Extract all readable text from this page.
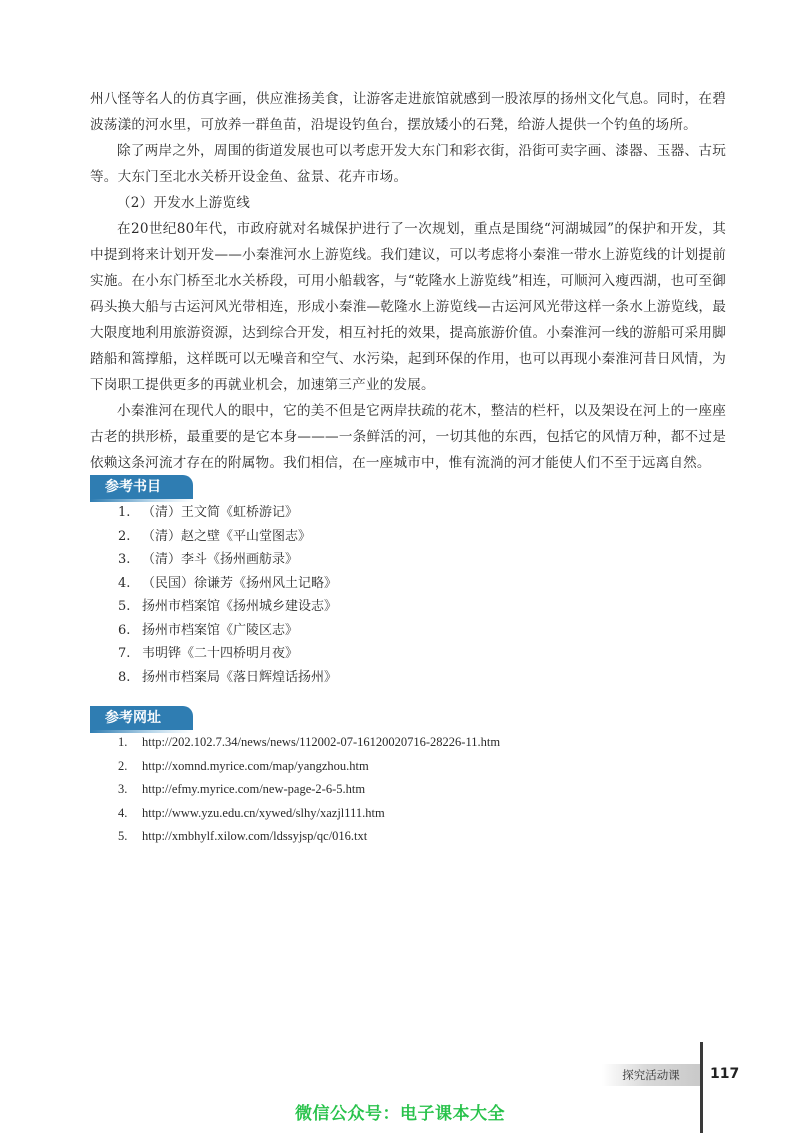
州八怪等名人的仿真字画，供应淮扬美食，让游客走进旅馆就感到一股浓厚的扬州文化气息。同时，在碧波荡漾的河水里，可放养一群鱼苗，沿堤设钓鱼台，摆放矮小的石凳，给游人提供一个钓鱼的场所。

除了两岸之外，周围的街道发展也可以考虑开发大东门和彩衣街，沿街可卖字画、漆器、玉器、古玩等。大东门至北水关桥开设金鱼、盆景、花卉市场。

（2）开发水上游览线

在20世纪80年代，市政府就对名城保护进行了一次规划，重点是围绕“河湖城园”的保护和开发，其中提到将来计划开发——小秦淮河水上游览线。我们建议，可以考虑将小秦淮一带水上游览线的计划提前实施。在小东门桥至北水关桥段，可用小船载客，与“乾隆水上游览线”相连，可顺河入瘦西湖，也可至御码头换大船与古运河风光带相连，形成小秦淮—乾隆水上游览线—古运河风光带这样一条水上游览线，最大限度地利用旅游资源，达到综合开发，相互衬托的效果，提高旅游价值。小秦淮河一线的游船可采用脚踏船和篙撑船，这样既可以无噪音和空气、水污染，起到环保的作用，也可以再现小秦淮河昔日风情，为下岗职工提供更多的再就业机会，加速第三产业的发展。

小秦淮河在现代人的眼中，它的美不但是它两岸扶疏的花木，整洁的栏杆，以及架设在河上的一座座古老的拱形桥，最重要的是它本身———一条鲜活的河，一切其他的东西，包括它的风情万种，都不过是依赖这条河流才存在的附属物。我们相信，在一座城市中，惟有流淌的河才能使人们不至于远离自然。

参考书目
1. （清）王文简《虹桥游记》
2. （清）赵之壁《平山堂图志》
3. （清）李斗《扬州画舫录》
4. （民国）徐谦芳《扬州风土记略》
5. 扬州市档案馆《扬州城乡建设志》
6. 扬州市档案馆《广陵区志》
7. 韦明铧《二十四桥明月夜》
8. 扬州市档案局《落日辉煌话扬州》
参考网址
1. http://202.102.7.34/news/news/112002-07-16120020716-28226-11.htm
2. http://xomnd.myrice.com/map/yangzhou.htm
3. http://efmy.myrice.com/new-page-2-6-5.htm
4. http://www.yzu.edu.cn/xywed/slhy/xazjl111.htm
5. http://xmbhylf.xilow.com/ldssyjsp/qc/016.txt
探究活动课	117
微信公众号：电子课本大全
